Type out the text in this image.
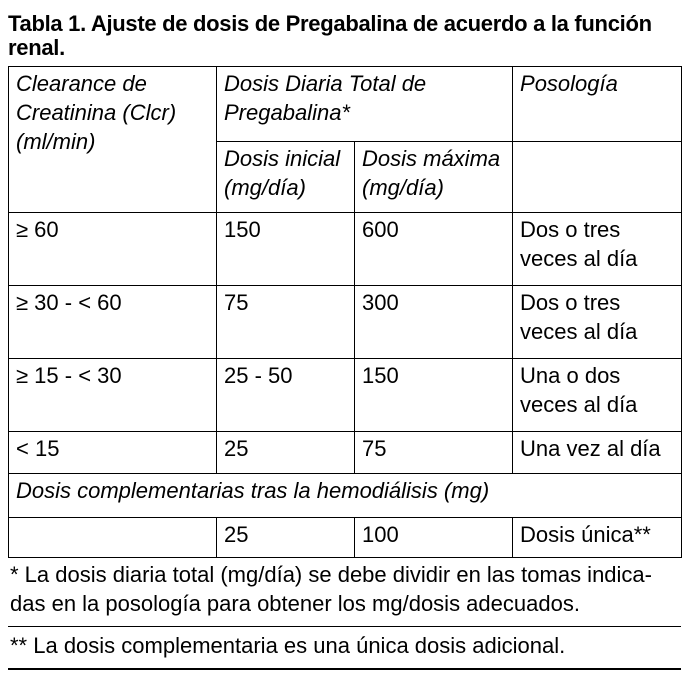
Tabla 1. Ajuste de dosis de Pregabalina de acuerdo a la función renal.
Clearance de Creatinina (Clcr) (ml/min)	Dosis Diaria Total de Pregabalina*		Posología
	Dosis inicial (mg/día)	Dosis máxima (mg/día)	
≥ 60	150	600	Dos o tres veces al día
≥ 30 - < 60	75	300	Dos o tres veces al día
≥ 15 - < 30	25 - 50	150	Una o dos veces al día
< 15	25	75	Una vez al día
Dosis complementarias tras la hemodiálisis (mg)			
	25	100	Dosis única**
* La dosis diaria total (mg/día) se debe dividir en las tomas indica-das en la posología para obtener los mg/dosis adecuados.
** La dosis complementaria es una única dosis adicional.
